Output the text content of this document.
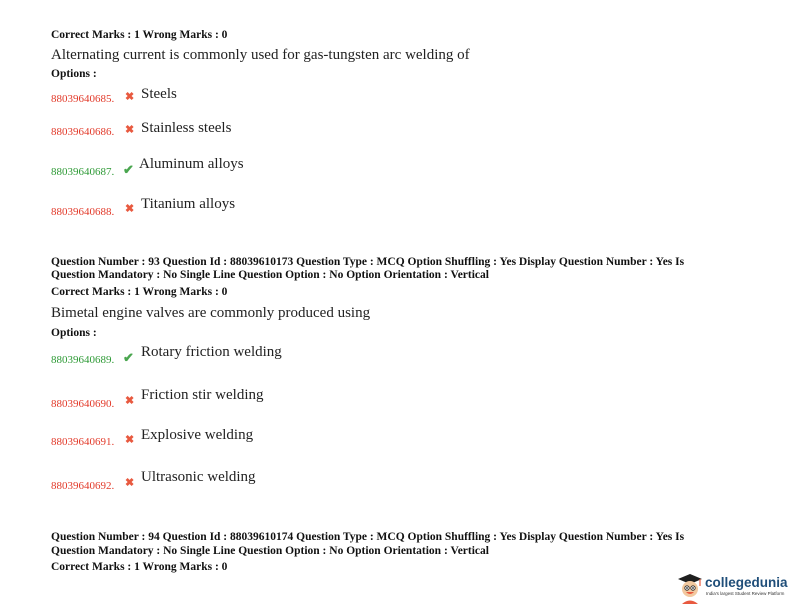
Correct Marks : 1 Wrong Marks : 0
Alternating current is commonly used for gas-tungsten arc welding of
Options :
88039640685. ✖ Steels
88039640686. ✖ Stainless steels
88039640687. ✔ Aluminum alloys
88039640688. ✖ Titanium alloys
Question Number : 93 Question Id : 88039610173 Question Type : MCQ Option Shuffling : Yes Display Question Number : Yes Is
Question Mandatory : No Single Line Question Option : No Option Orientation : Vertical
Correct Marks : 1 Wrong Marks : 0
Bimetal engine valves are commonly produced using
Options :
88039640689. ✔ Rotary friction welding
88039640690. ✖ Friction stir welding
88039640691. ✖ Explosive welding
88039640692. ✖ Ultrasonic welding
Question Number : 94 Question Id : 88039610174 Question Type : MCQ Option Shuffling : Yes Display Question Number : Yes Is
Question Mandatory : No Single Line Question Option : No Option Orientation : Vertical
Correct Marks : 1 Wrong Marks : 0
collegedunia
India's largest Student Review Platform
